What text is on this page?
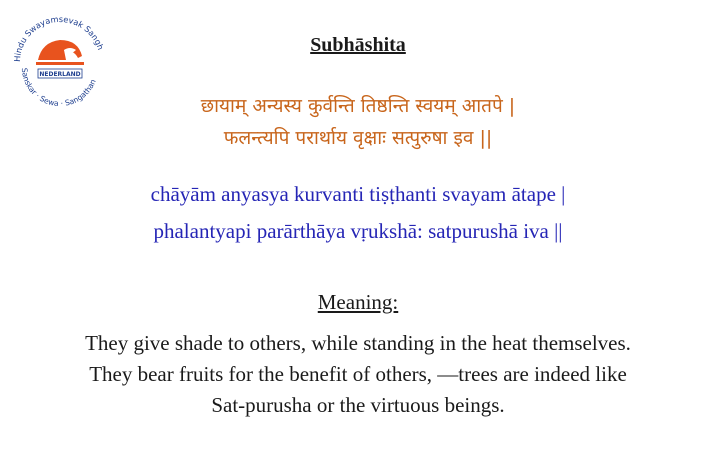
Hindu Swayamsevak Sangh
Sanskar · Sewa · Sangathan
NEDERLAND
Subhāshita
छायाम् अन्यस्य कुर्वन्ति तिष्ठन्ति स्वयम् आतपे |
फलन्त्यपि परार्थाय वृक्षाः सत्पुरुषा इव ||
chāyām anyasya kurvanti tiṣṭhanti svayam ātape |
phalantyapi parārthāya vṛukshā: satpurushā iva ||
Meaning:
They give shade to others, while standing in the heat themselves.
They bear fruits for the benefit of others, —trees are indeed like
Sat-purusha or the virtuous beings.
